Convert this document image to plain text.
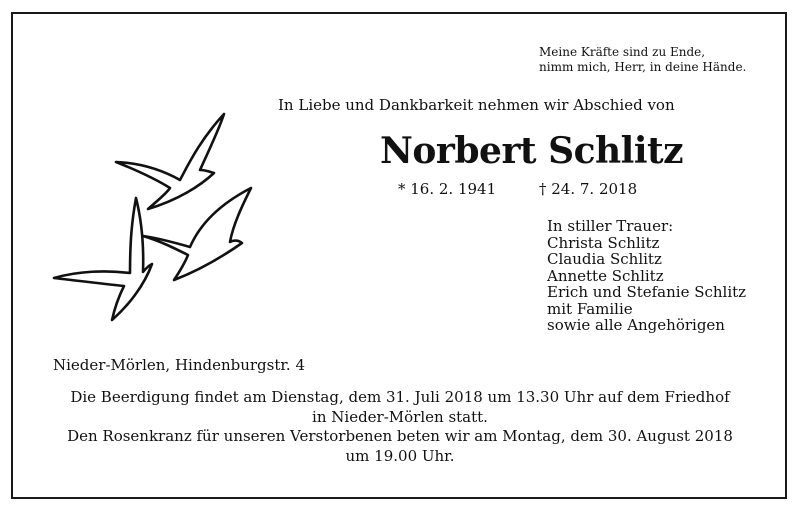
Meine Kräfte sind zu Ende,
nimm mich, Herr, in deine Hände.
In Liebe und Dankbarkeit nehmen wir Abschied von
Norbert Schlitz
* 16. 2. 1941	† 24. 7. 2018
In stiller Trauer:
Christa Schlitz
Claudia Schlitz
Annette Schlitz
Erich und Stefanie Schlitz
mit Familie
sowie alle Angehörigen
Nieder-Mörlen, Hindenburgstr. 4
Die Beerdigung findet am Dienstag, dem 31. Juli 2018 um 13.30 Uhr auf dem Friedhof
in Nieder-Mörlen statt.
Den Rosenkranz für unseren Verstorbenen beten wir am Montag, dem 30. August 2018
um 19.00 Uhr.
